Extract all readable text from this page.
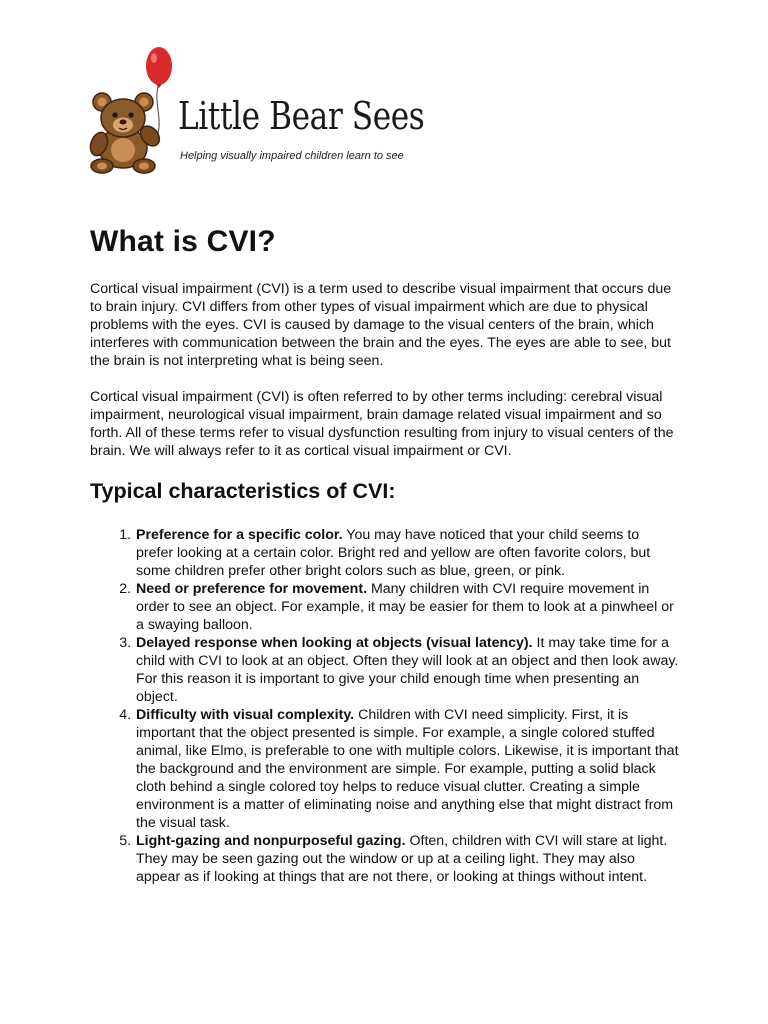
Little Bear Sees
Helping visually impaired children learn to see
What is CVI?

Cortical visual impairment (CVI) is a term used to describe visual impairment that occurs due to brain injury. CVI differs from other types of visual impairment which are due to physical problems with the eyes. CVI is caused by damage to the visual centers of the brain, which interferes with communication between the brain and the eyes. The eyes are able to see, but the brain is not interpreting what is being seen.

Cortical visual impairment (CVI) is often referred to by other terms including: cerebral visual impairment, neurological visual impairment, brain damage related visual impairment and so forth. All of these terms refer to visual dysfunction resulting from injury to visual centers of the brain. We will always refer to it as cortical visual impairment or CVI.

Typical characteristics of CVI:
1. Preference for a specific color. You may have noticed that your child seems to prefer looking at a certain color. Bright red and yellow are often favorite colors, but some children prefer other bright colors such as blue, green, or pink.
2. Need or preference for movement. Many children with CVI require movement in order to see an object. For example, it may be easier for them to look at a pinwheel or a swaying balloon.
3. Delayed response when looking at objects (visual latency). It may take time for a child with CVI to look at an object. Often they will look at an object and then look away. For this reason it is important to give your child enough time when presenting an object.
4. Difficulty with visual complexity. Children with CVI need simplicity. First, it is important that the object presented is simple. For example, a single colored stuffed animal, like Elmo, is preferable to one with multiple colors. Likewise, it is important that the background and the environment are simple. For example, putting a solid black cloth behind a single colored toy helps to reduce visual clutter. Creating a simple environment is a matter of eliminating noise and anything else that might distract from the visual task.
5. Light-gazing and nonpurposeful gazing. Often, children with CVI will stare at light. They may be seen gazing out the window or up at a ceiling light. They may also appear as if looking at things that are not there, or looking at things without intent.
